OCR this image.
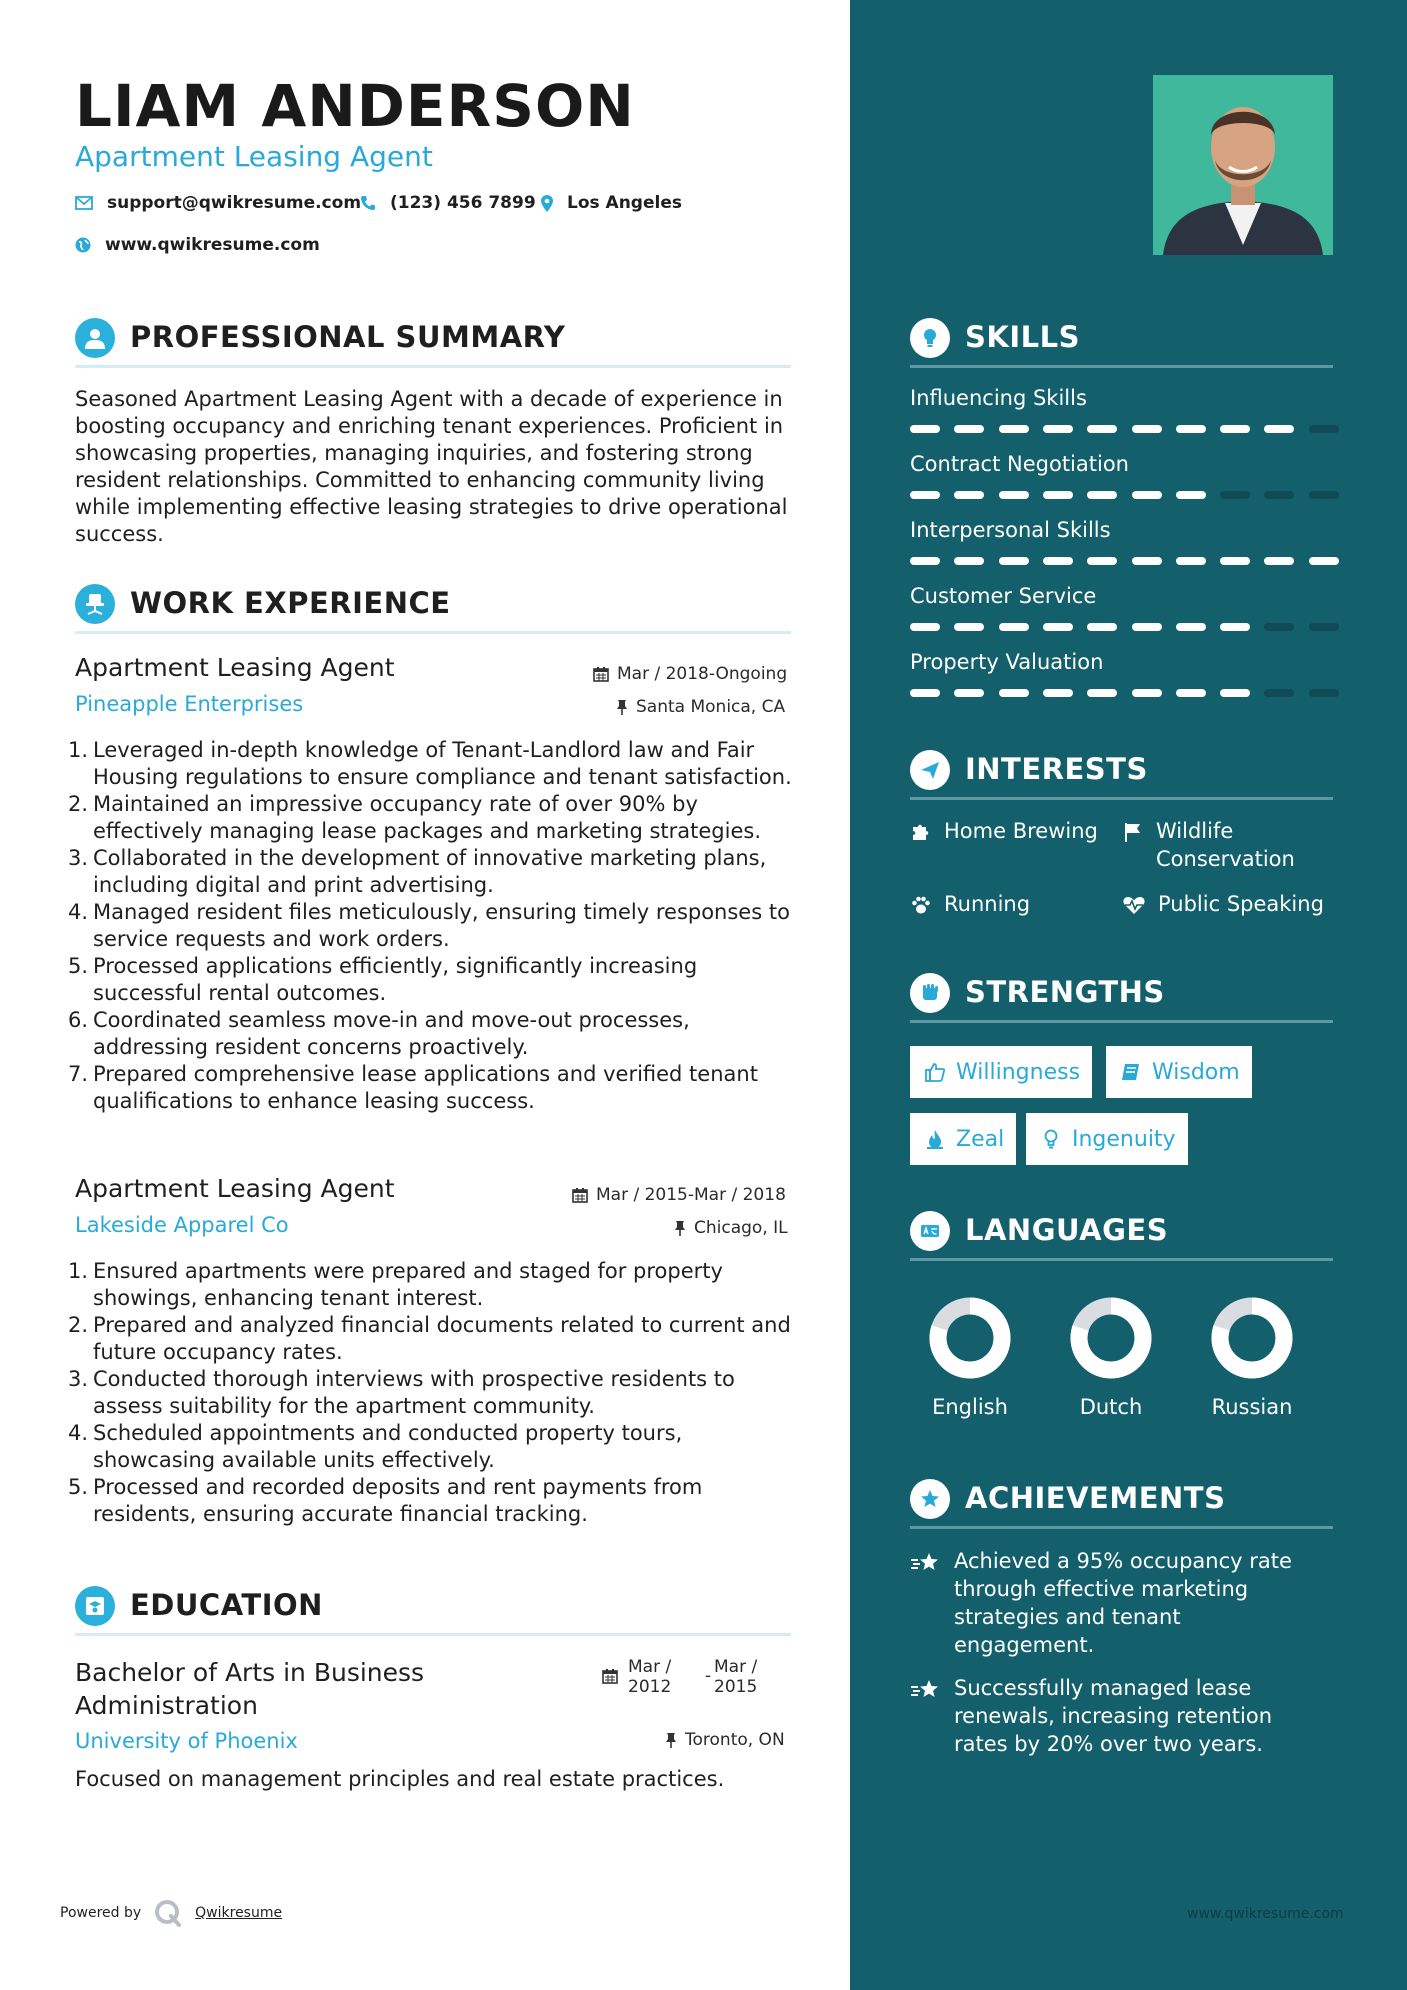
LIAM ANDERSON
Apartment Leasing Agent
support@qwikresume.com (123) 456 7899 Los Angeles
www.qwikresume.com
PROFESSIONAL SUMMARY
Seasoned Apartment Leasing Agent with a decade of experience in boosting occupancy and enriching tenant experiences. Proficient in showcasing properties, managing inquiries, and fostering strong resident relationships. Committed to enhancing community living while implementing effective leasing strategies to drive operational success.
WORK EXPERIENCE
Apartment Leasing Agent
Pineapple Enterprises
Mar / 2018-Ongoing
Santa Monica, CA
1. Leveraged in-depth knowledge of Tenant-Landlord law and Fair Housing regulations to ensure compliance and tenant satisfaction.
2. Maintained an impressive occupancy rate of over 90% by effectively managing lease packages and marketing strategies.
3. Collaborated in the development of innovative marketing plans, including digital and print advertising.
4. Managed resident files meticulously, ensuring timely responses to service requests and work orders.
5. Processed applications efficiently, significantly increasing successful rental outcomes.
6. Coordinated seamless move-in and move-out processes, addressing resident concerns proactively.
7. Prepared comprehensive lease applications and verified tenant qualifications to enhance leasing success.
Apartment Leasing Agent
Lakeside Apparel Co
Mar / 2015-Mar / 2018
Chicago, IL
1. Ensured apartments were prepared and staged for property showings, enhancing tenant interest.
2. Prepared and analyzed financial documents related to current and future occupancy rates.
3. Conducted thorough interviews with prospective residents to assess suitability for the apartment community.
4. Scheduled appointments and conducted property tours, showcasing available units effectively.
5. Processed and recorded deposits and rent payments from residents, ensuring accurate financial tracking.
EDUCATION
Bachelor of Arts in Business
Administration
Mar /
2012
- Mar /
2015
University of Phoenix	Toronto, ON
Focused on management principles and real estate practices.
Powered by	Qwikresume	www.qwikresume.com
SKILLS
Influencing Skills
Contract Negotiation
Interpersonal Skills
Customer Service
Property Valuation
INTERESTS
Home Brewing	Wildlife
Conservation
Running	Public Speaking
STRENGTHS
Willingness	Wisdom
Zeal	Ingenuity
LANGUAGES
English	Dutch	Russian
ACHIEVEMENTS
Achieved a 95% occupancy rate
through effective marketing
strategies and tenant
engagement.
Successfully managed lease
renewals, increasing retention
rates by 20% over two years.
